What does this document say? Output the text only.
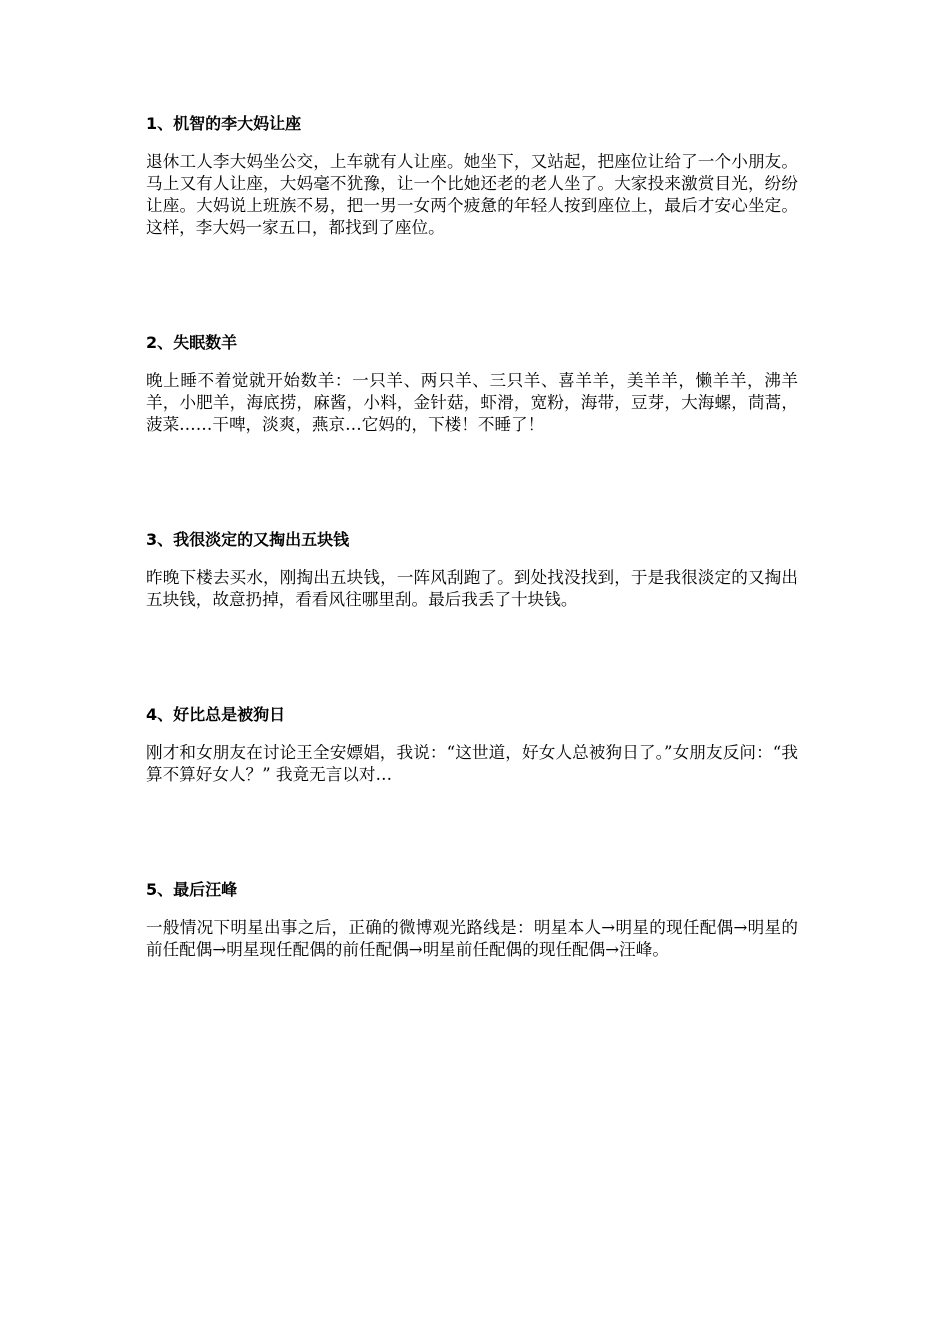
1、机智的李大妈让座

退休工人李大妈坐公交，上车就有人让座。她坐下，又站起，把座位让给了一个小朋友。马上又有人让座，大妈毫不犹豫，让一个比她还老的老人坐了。大家投来激赏目光，纷纷让座。大妈说上班族不易，把一男一女两个疲惫的年轻人按到座位上，最后才安心坐定。这样，李大妈一家五口，都找到了座位。

2、失眠数羊

晚上睡不着觉就开始数羊：一只羊、两只羊、三只羊、喜羊羊，美羊羊，懒羊羊，沸羊羊，小肥羊，海底捞，麻酱，小料，金针菇，虾滑，宽粉，海带，豆芽，大海螺，茼蒿，菠菜……干啤，淡爽，燕京…它妈的，下楼！不睡了！

3、我很淡定的又掏出五块钱

昨晚下楼去买水，刚掏出五块钱，一阵风刮跑了。到处找没找到，于是我很淡定的又掏出五块钱，故意扔掉，看看风往哪里刮。最后我丢了十块钱。

4、好比总是被狗日

刚才和女朋友在讨论王全安嫖娼，我说：“这世道，好女人总被狗日了。”女朋友反问：“我算不算好女人？” 我竟无言以对…

5、最后汪峰

一般情况下明星出事之后，正确的微博观光路线是：明星本人→明星的现任配偶→明星的前任配偶→明星现任配偶的前任配偶→明星前任配偶的现任配偶→汪峰。
